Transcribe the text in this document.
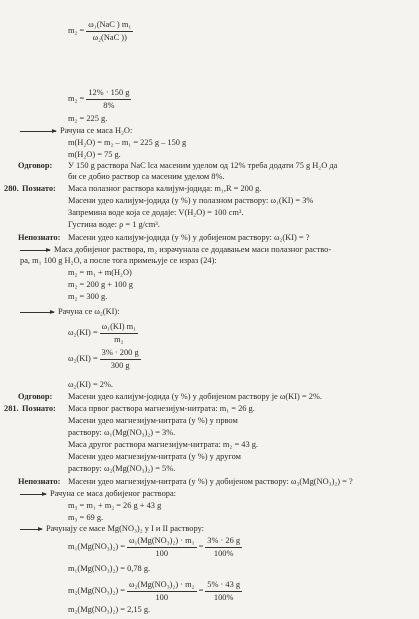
m₂ =
ω₁(NaC ) m₁
ω₂(NaC ))
$m_2 = \frac{12\% \cdot 150 g}{8\%}$
m₂ = 225 g.
Рачуна се маса H₂O:
m(H₂O) = m₂ – m₁ = 225 g – 150 g
m(H₂O) = 75 g.
Одговор: У 150 g раствора NaC lса масеним уделом од 12% треба додати 75 g H₂O да
би се добио раствор са масеним уделом 8%.
280. Познато: Маса полазног раствора калијум-јодида: m₁,R = 200 g.
Масени удео калијум-јодида (у %) у полазном раствору: ω₁(KI) = 3%
Запремина воде која се додаје: V(H₂O) = 100 cm³.
Густина воде: ρ = 1 g/cm³.
Непознато: Масени удео калијум-јодида (у %) у добијеном раствору: ω₂(KI) = ?
Маса добијеног раствора, m₂ израчунала се додавањем маси полазног раство-
ра, m₁ 100 g H₂O, а после тога примењује се израз (24):
m₂ = m₁ + m(H₂O)
m₂ = 200 g + 100 g
m₂ = 300 g.
Рачуна се ω₂(KI):
$\omega_2(KI) = \frac{\text{ω₁(KI) m₁}}{\text{m₂}}$
$\omega_2(KI) = \frac{3\% \cdot 200 g}{300 g}$
ω₂(KI) = 2%.
Одговор: Масени удео калијум-јодида (у %) у добијеном раствору је ω(KI) = 2%.
281. Познато: Маса првог раствора магнезијум-нитрата: m₁ = 26 g.
Масени удео магнезијум-нитрата (у %) у првом
раствору: ω₁(Mg(NO₃)₂) = 3%.
Маса другог раствора магнезијум-нитрата: m₂ = 43 g.
Масени удео магнезијум-нитрата (у %) у другом
раствору: ω₂(Mg(NO₃)₂) = 5%.
Непознато: Масени удео магнезијум-нитрата (у %) у добијеном раствору: ω₃(Mg(NO₃)₂) = ?
Рачуна се маса добијеног раствора:
m₃ = m₁ + m₂ = 26 g + 43 g
m₃ = 69 g.
Рачунају се масе Mg(NO₃)₂ у I и II раствору:
$m_1(Mg(NO_3)_2) = \frac{\text{ω₁(Mg(NO₃)₂) · m₁}}{100} = \frac{3\% \cdot 26 g}{100\%}$
m₁(Mg(NO₃)₂) = 0,78 g.
$m_2(Mg(NO_3)_2) = \frac{\text{ω₂(Mg(NO₃)₂) · m₂}}{100} = \frac{5\% \cdot 43 g}{100\%}$
m₂(Mg(NO₃)₂) = 2,15 g.
